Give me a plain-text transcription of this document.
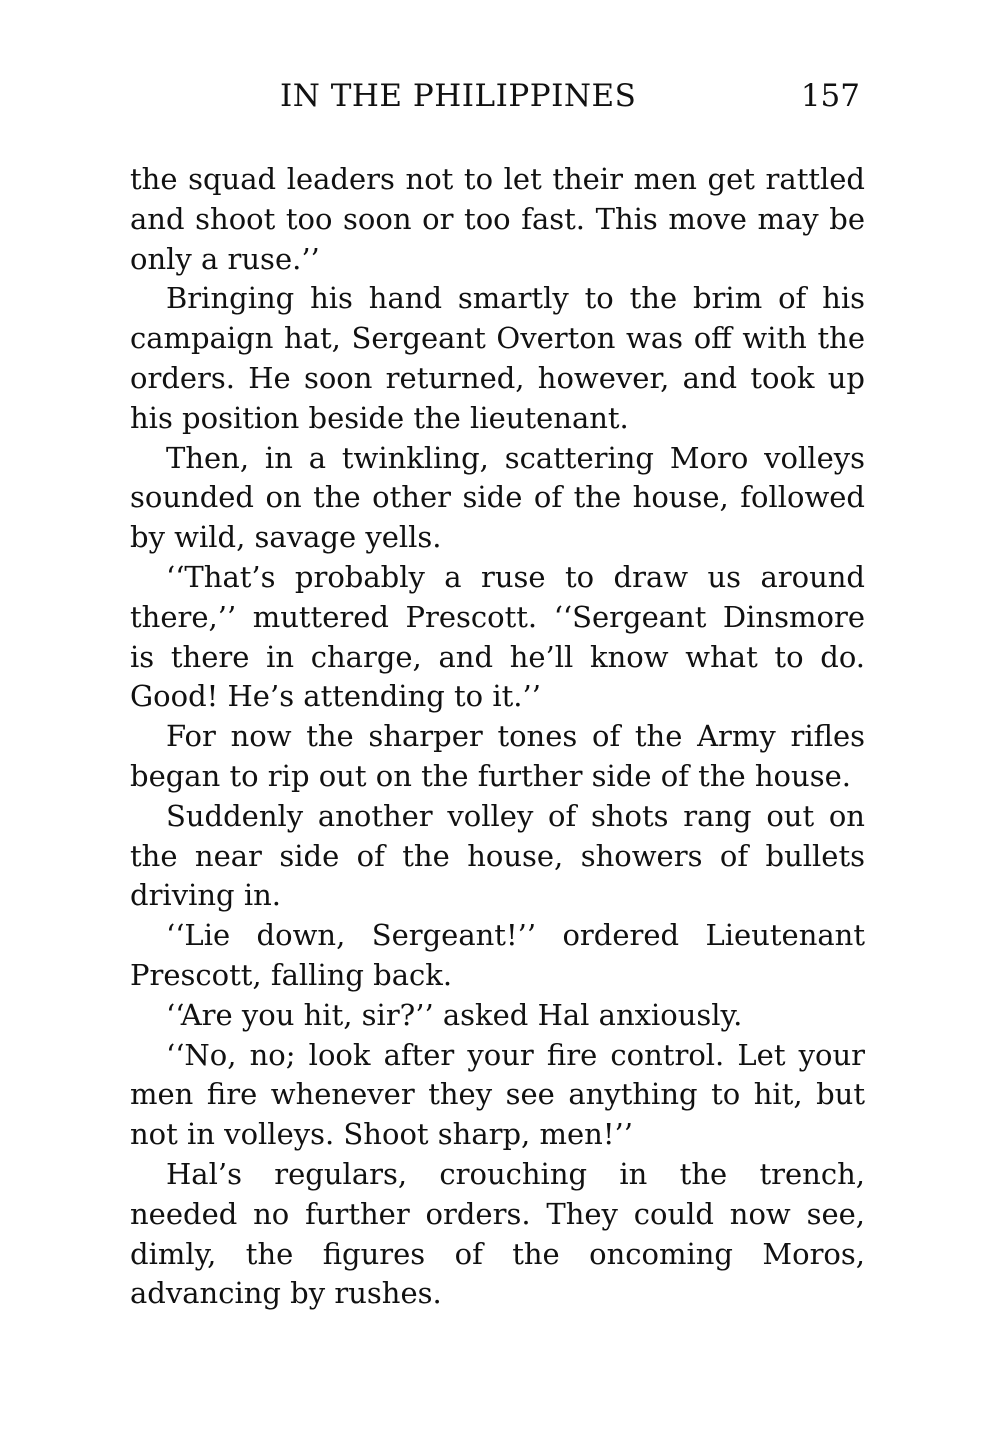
IN THE PHILIPPINES	157

the squad leaders not to let their men get rattled and shoot too soon or too fast. This move may be only a ruse.’’

Bringing his hand smartly to the brim of his campaign hat, Sergeant Overton was off with the orders. He soon returned, however, and took up his position beside the lieutenant.

Then, in a twinkling, scattering Moro volleys sounded on the other side of the house, followed by wild, savage yells.

‘‘That’s probably a ruse to draw us around there,’’ muttered Prescott. ‘‘Sergeant Dinsmore is there in charge, and he’ll know what to do. Good! He’s attending to it.’’

For now the sharper tones of the Army rifles began to rip out on the further side of the house.

Suddenly another volley of shots rang out on the near side of the house, showers of bullets driving in.

‘‘Lie down, Sergeant!’’ ordered Lieutenant Prescott, falling back.

‘‘Are you hit, sir?’’ asked Hal anxiously.

‘‘No, no; look after your fire control. Let your men fire whenever they see anything to hit, but not in volleys. Shoot sharp, men!’’

Hal’s regulars, crouching in the trench, needed no further orders. They could now see, dimly, the figures of the oncoming Moros, advancing by rushes.
